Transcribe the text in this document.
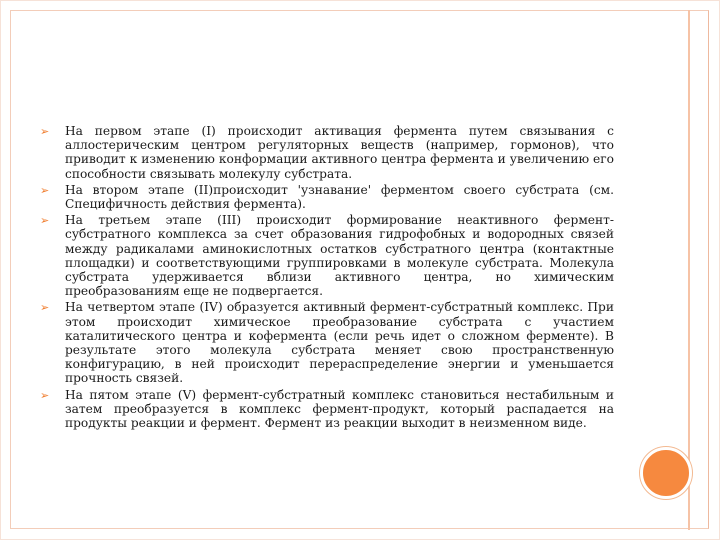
➢ На первом этапе (I) происходит активация фермента путем связывания с аллостерическим центром регуляторных веществ (например, гормонов), что приводит к изменению конформации активного центра фермента и увеличению его способности связывать молекулу субстрата.
➢ На втором этапе (II)происходит 'узнавание' ферментом своего субстрата (см. Специфичность действия фермента).
➢ На третьем этапе (III) происходит формирование неактивного фермент-субстратного комплекса за счет образования гидрофобных и водородных связей между радикалами аминокислотных остатков субстратного центра (контактные площадки) и соответствующими группировками в молекуле субстрата. Молекула субстрата удерживается вблизи активного центра, но химическим преобразованиям еще не подвергается.
➢ На четвертом этапе (IV) образуется активный фермент-субстратный комплекс. При этом происходит химическое преобразование субстрата с участием каталитического центра и кофермента (если речь идет о сложном ферменте). В результате этого молекула субстрата меняет свою пространственную конфигурацию, в ней происходит перераспределение энергии и уменьшается прочность связей.
➢ На пятом этапе (V) фермент-субстратный комплекс становиться нестабильным и затем преобразуется в комплекс фермент-продукт, который распадается на продукты реакции и фермент. Фермент из реакции выходит в неизменном виде.
